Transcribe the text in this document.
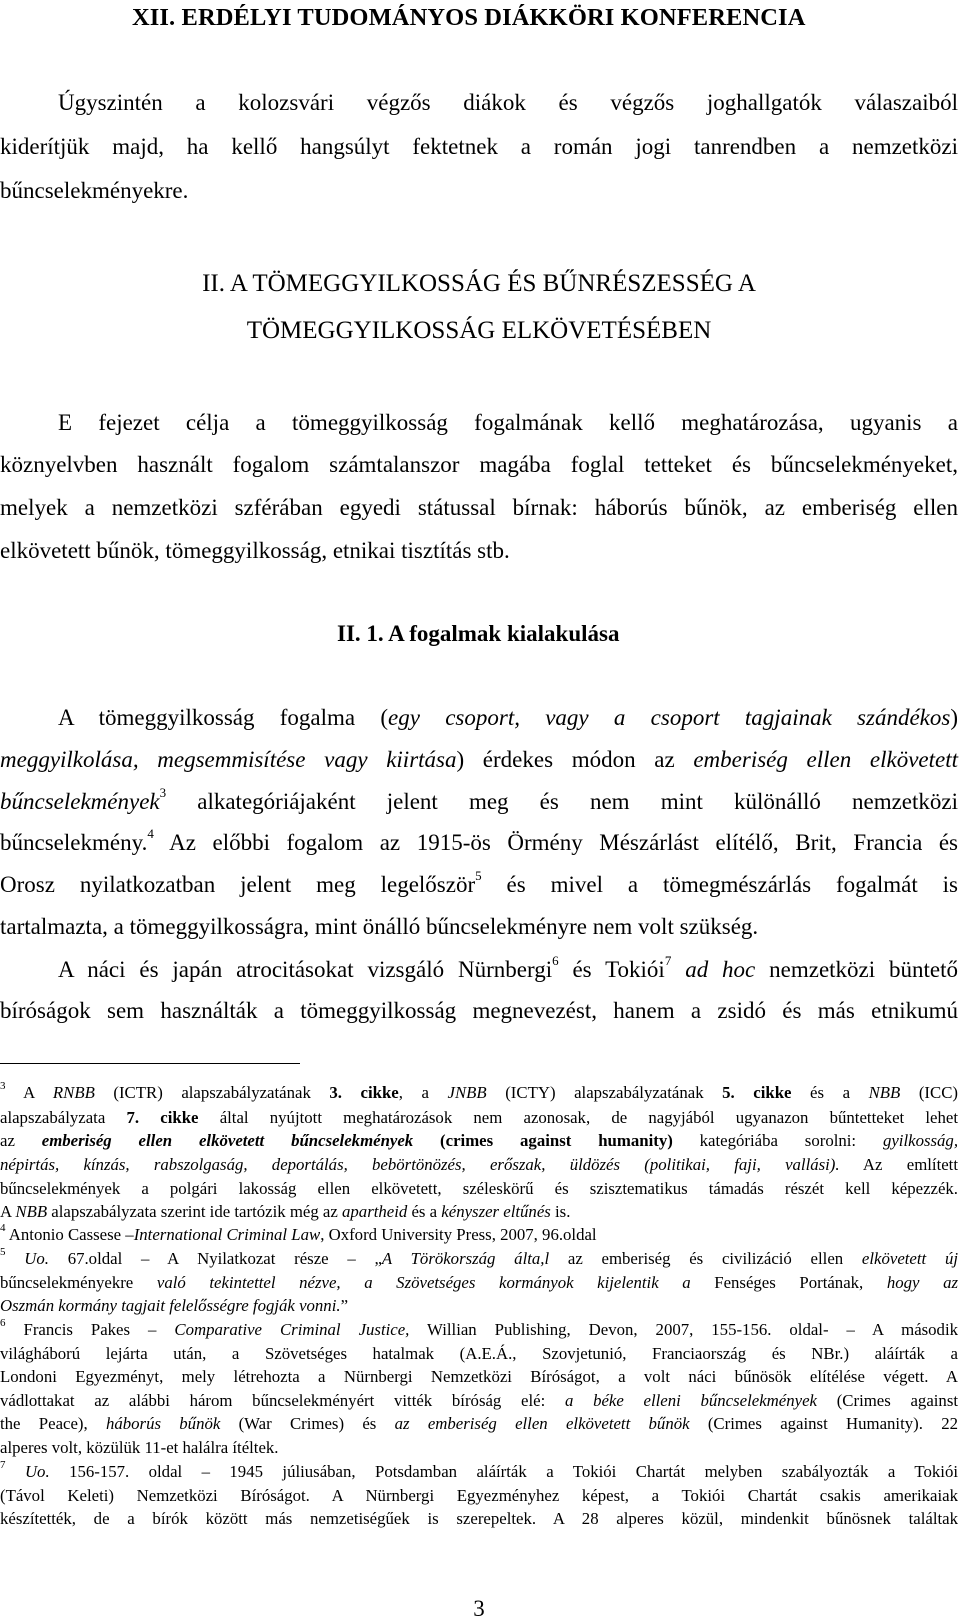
XII. ERDÉLYI TUDOMÁNYOS DIÁKKÖRI KONFERENCIA
Úgyszintén a kolozsvári végzős diákok és végzős joghallgatók válaszaiból
kiderítjük majd, ha kellő hangsúlyt fektetnek a román jogi tanrendben a nemzetközi
bűncselekményekre.
II. A TÖMEGGYILKOSSÁG ÉS BŰNRÉSZESSÉG A
TÖMEGGYILKOSSÁG ELKÖVETÉSÉBEN
E fejezet célja a tömeggyilkosság fogalmának kellő meghatározása, ugyanis a
köznyelvben használt fogalom számtalanszor magába foglal tetteket és bűncselekményeket,
melyek a nemzetközi szférában egyedi státussal bírnak: háborús bűnök, az emberiség ellen
elkövetett bűnök, tömeggyilkosság, etnikai tisztítás stb.
II. 1. A fogalmak kialakulása
A tömeggyilkosság fogalma (egy csoport, vagy a csoport tagjainak szándékos)
meggyilkolása, megsemmisítése vagy kiirtása) érdekes módon az emberiség ellen elkövetett
bűncselekmények$^3$ alkategóriájaként jelent meg és nem mint különálló nemzetközi
bűncselekmény.$^4$ Az előbbi fogalom az 1915-ös Örmény Mészárlást elítélő, Brit, Francia és
Orosz nyilatkozatban jelent meg legelőször$^5$ és mivel a tömegmészárlás fogalmát is
tartalmazta, a tömeggyilkosságra, mint önálló bűncselekményre nem volt szükség.
A náci és japán atrocitásokat vizsgáló Nürnbergi$^6$ és Tokiói$^7$ ad hoc nemzetközi büntető
bíróságok sem használták a tömeggyilkosság megnevezést, hanem a zsidó és más etnikumú
$^3$ A RNBB (ICTR) alapszabályzatának 3. cikke, a JNBB (ICTY) alapszabályzatának 5. cikke és a NBB (ICC)
alapszabályzata 7. cikke által nyújtott meghatározások nem azonosak, de nagyjából ugyanazon bűntetteket lehet
az emberiség ellen elkövetett bűncselekmények (crimes against humanity) kategóriába sorolni: gyilkosság,
népirtás, kínzás, rabszolgaság, deportálás, bebörtönözés, erőszak, üldözés (politikai, faji, vallási). Az említett
bűncselekmények a polgári lakosság ellen elkövetett, széleskörű és szisztematikus támadás részét kell képezzék.
A NBB alapszabályzata szerint ide tartózik még az apartheid és a kényszer eltűnés is.
$^4$ Antonio Cassese –International Criminal Law, Oxford University Press, 2007, 96.oldal
$^5$ Uo. 67.oldal – A Nyilatkozat része – „A Törökország álta,l az emberiség és civilizáció ellen elkövetett új
bűncselekményekre való tekintettel nézve, a Szövetséges kormányok kijelentik a Fenséges Portának, hogy az
Oszmán kormány tagjait felelősségre fogják vonni.”
$^6$ Francis Pakes – Comparative Criminal Justice, Willian Publishing, Devon, 2007, 155-156. oldal- – A második
világháború lejárta után, a Szövetséges hatalmak (A.E.Á., Szovjetunió, Franciaország és NBr.) aláírták a
Londoni Egyezményt, mely létrehozta a Nürnbergi Nemzetközi Bíróságot, a volt náci bűnösök elítélése végett. A
vádlottakat az alábbi három bűncselekményért vitték bíróság elé: a béke elleni bűncselekmények (Crimes against
the Peace), háborús bűnök (War Crimes) és az emberiség ellen elkövetett bűnök (Crimes against Humanity). 22
alperes volt, közülük 11-et halálra ítéltek.
$^7$ Uo. 156-157. oldal – 1945 júliusában, Potsdamban aláírták a Tokiói Chartát melyben szabályozták a Tokiói
(Távol Keleti) Nemzetközi Bíróságot. A Nürnbergi Egyezményhez képest, a Tokiói Chartát csakis amerikaiak
készítették, de a bírók között más nemzetiségűek is szerepeltek. A 28 alperes közül, mindenkit bűnösnek találtak
3
